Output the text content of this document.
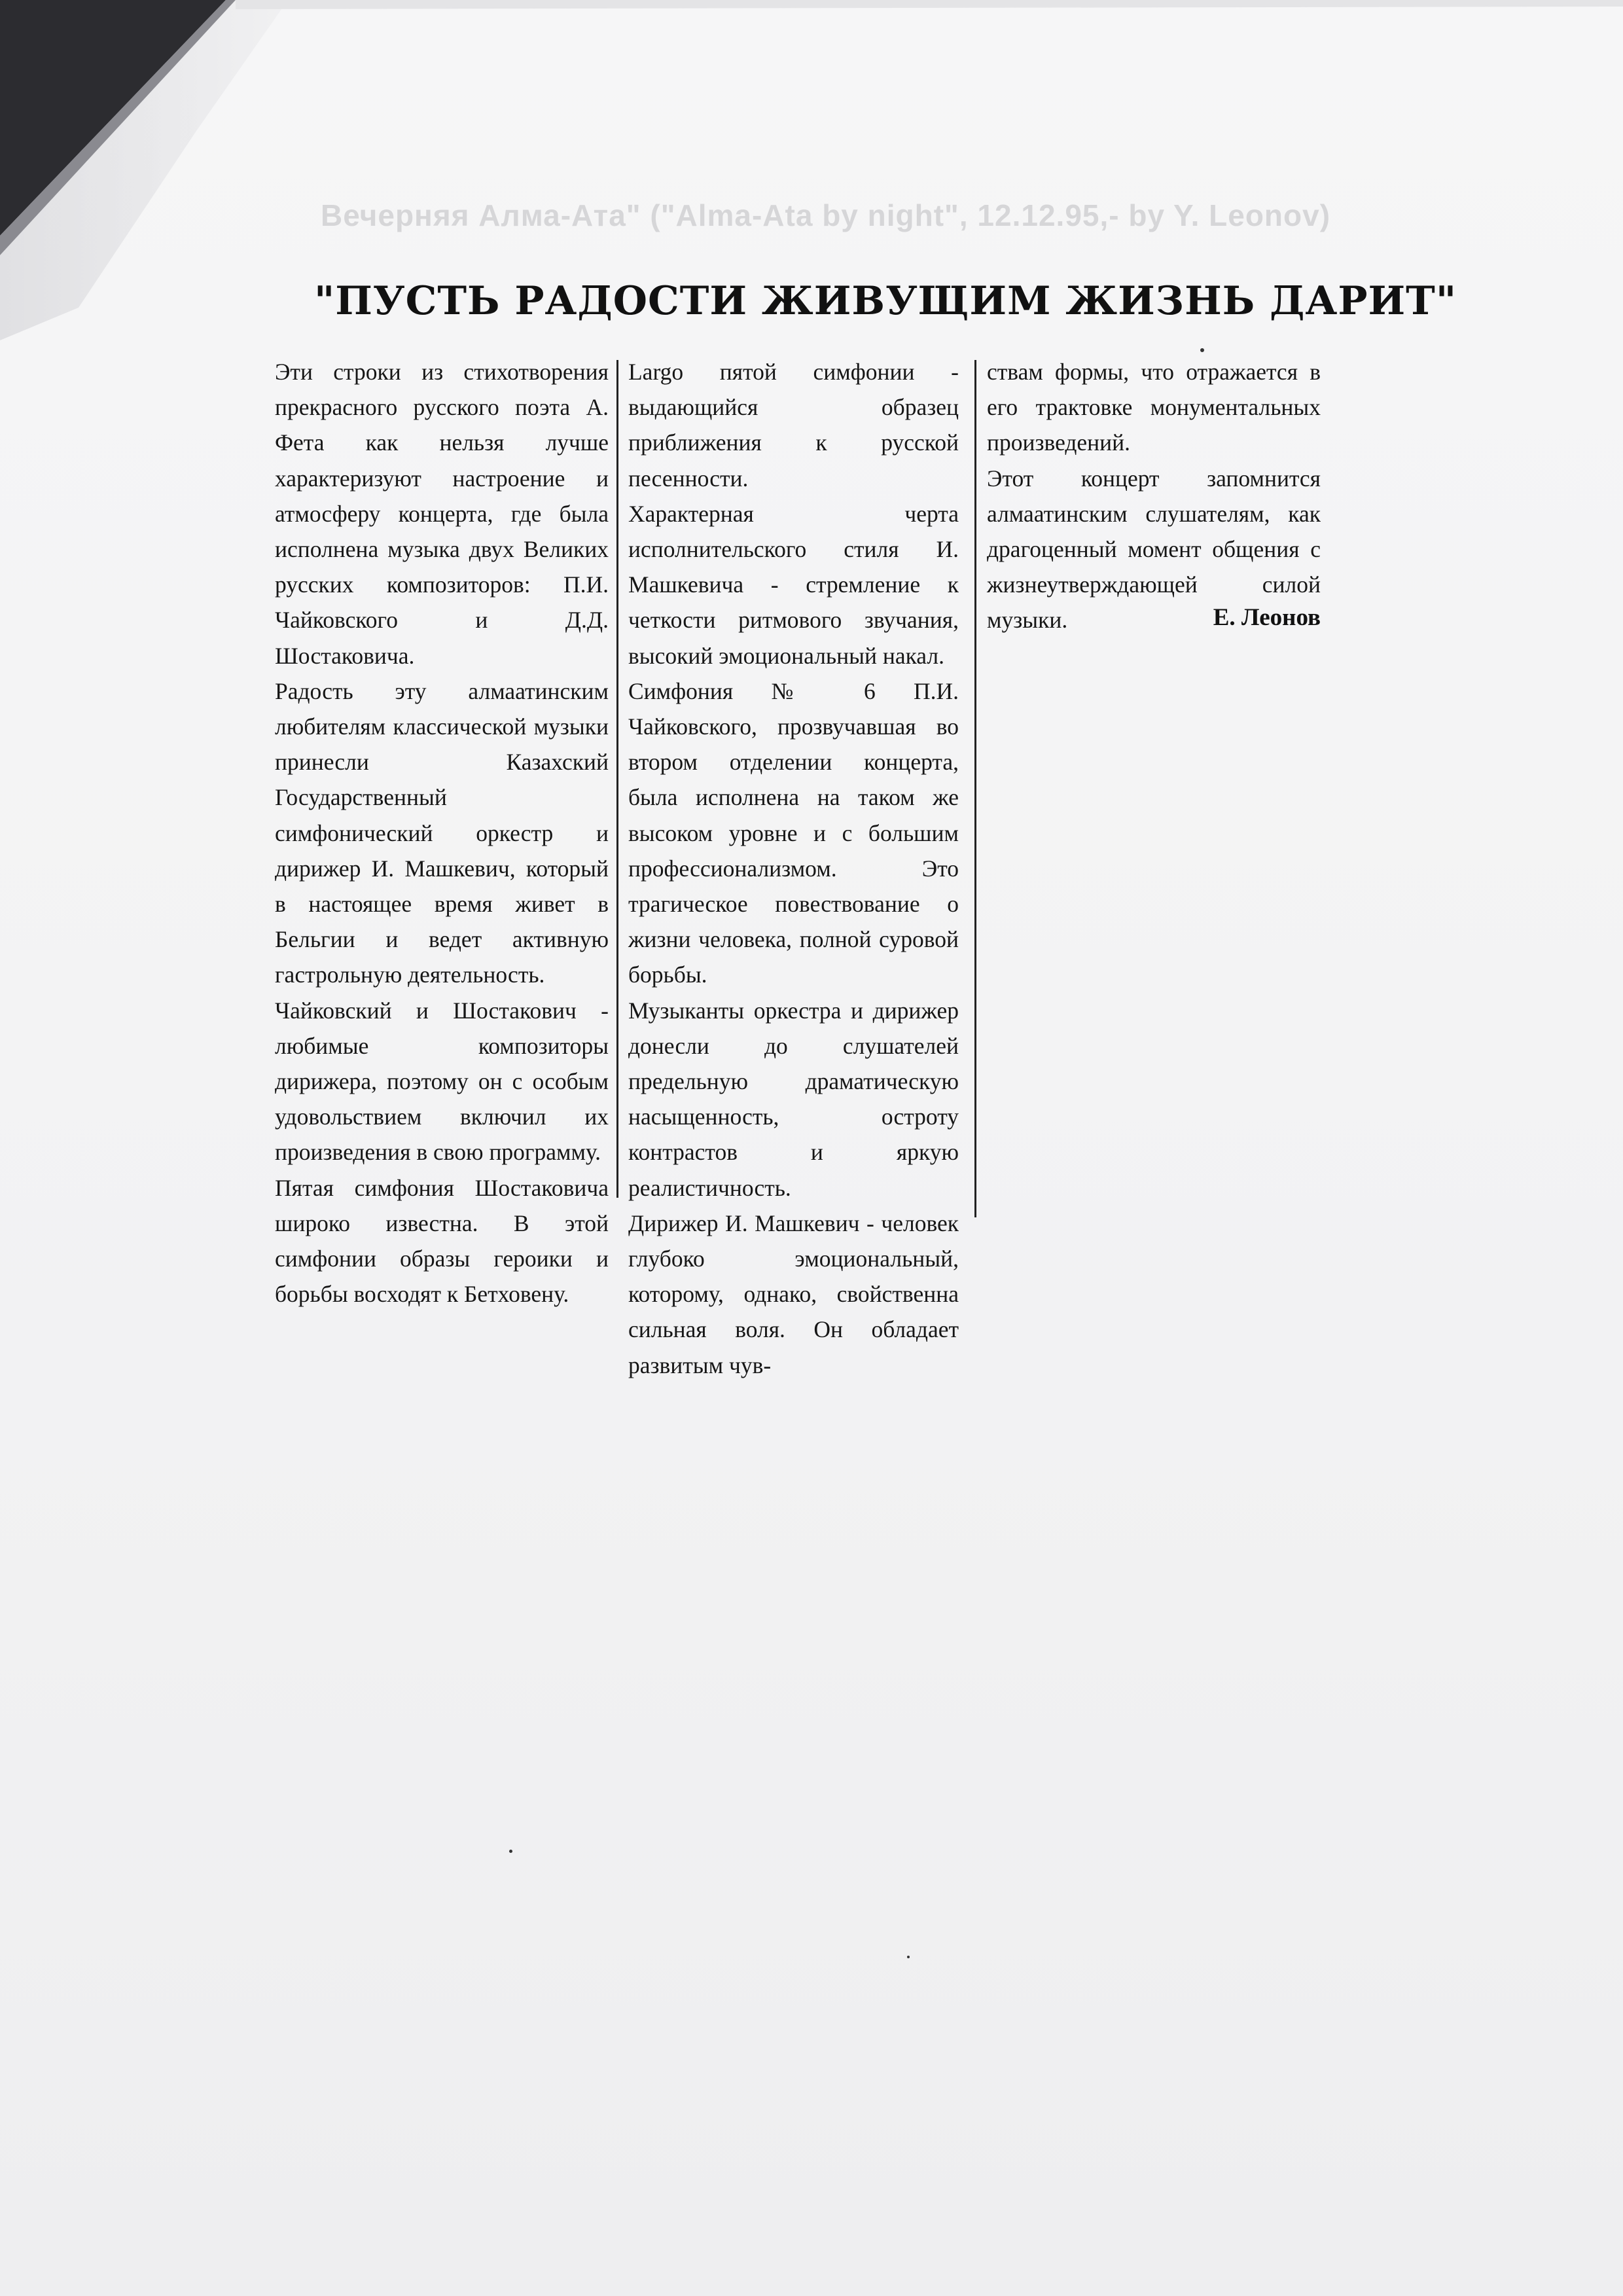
Вечерняя Алма-Ата" ("Alma-Ata by night", 12.12.95,- by Y. Leonov)
"ПУСТЬ РАДОСТИ ЖИВУЩИМ ЖИЗНЬ ДАРИТ"

Эти строки из стихотворения прекрасного русского поэта А. Фета как нельзя лучше характеризуют настроение и атмосферу концерта, где была исполнена музыка двух Великих русских композиторов: П.И. Чайковского и Д.Д. Шостаковича.

Радость эту алмаатинским любителям классической музыки принесли Казахский Государственный симфонический оркестр и дирижер И. Машкевич, который в настоящее время живет в Бельгии и ведет активную гастрольную деятельность.

Чайковский и Шостакович - любимые композиторы дирижера, поэтому он с особым удовольствием включил их произведения в свою программу.

Пятая симфония Шостаковича широко известна. В этой симфонии образы героики и борьбы восходят к Бетховену.

Largo пятой симфонии - выдающийся образец приближения к русской песенности.

Характерная черта исполнительского стиля И. Машкевича - стремление к четкости ритмового звучания, высокий эмоциональный накал.

Симфония № 6 П.И. Чайковского, прозвучавшая во втором отделении концерта, была исполнена на таком же высоком уровне и с большим профессионализмом. Это трагическое повествование о жизни человека, полной суровой борьбы.

Музыканты оркестра и дирижер донесли до слушателей предельную драматическую насыщенность, остроту контрастов и яркую реалистичность.

Дирижер И. Машкевич - человек глубоко эмоциональный, которому, однако, свойственна сильная воля. Он обладает развитым чув-

ствам формы, что отражается в его трактовке монументальных произведений.

Этот концерт запомнится алмаатинским слушателям, как драгоценный момент общения с жизнеутверждающей силой музыки.	Е. Леонов
